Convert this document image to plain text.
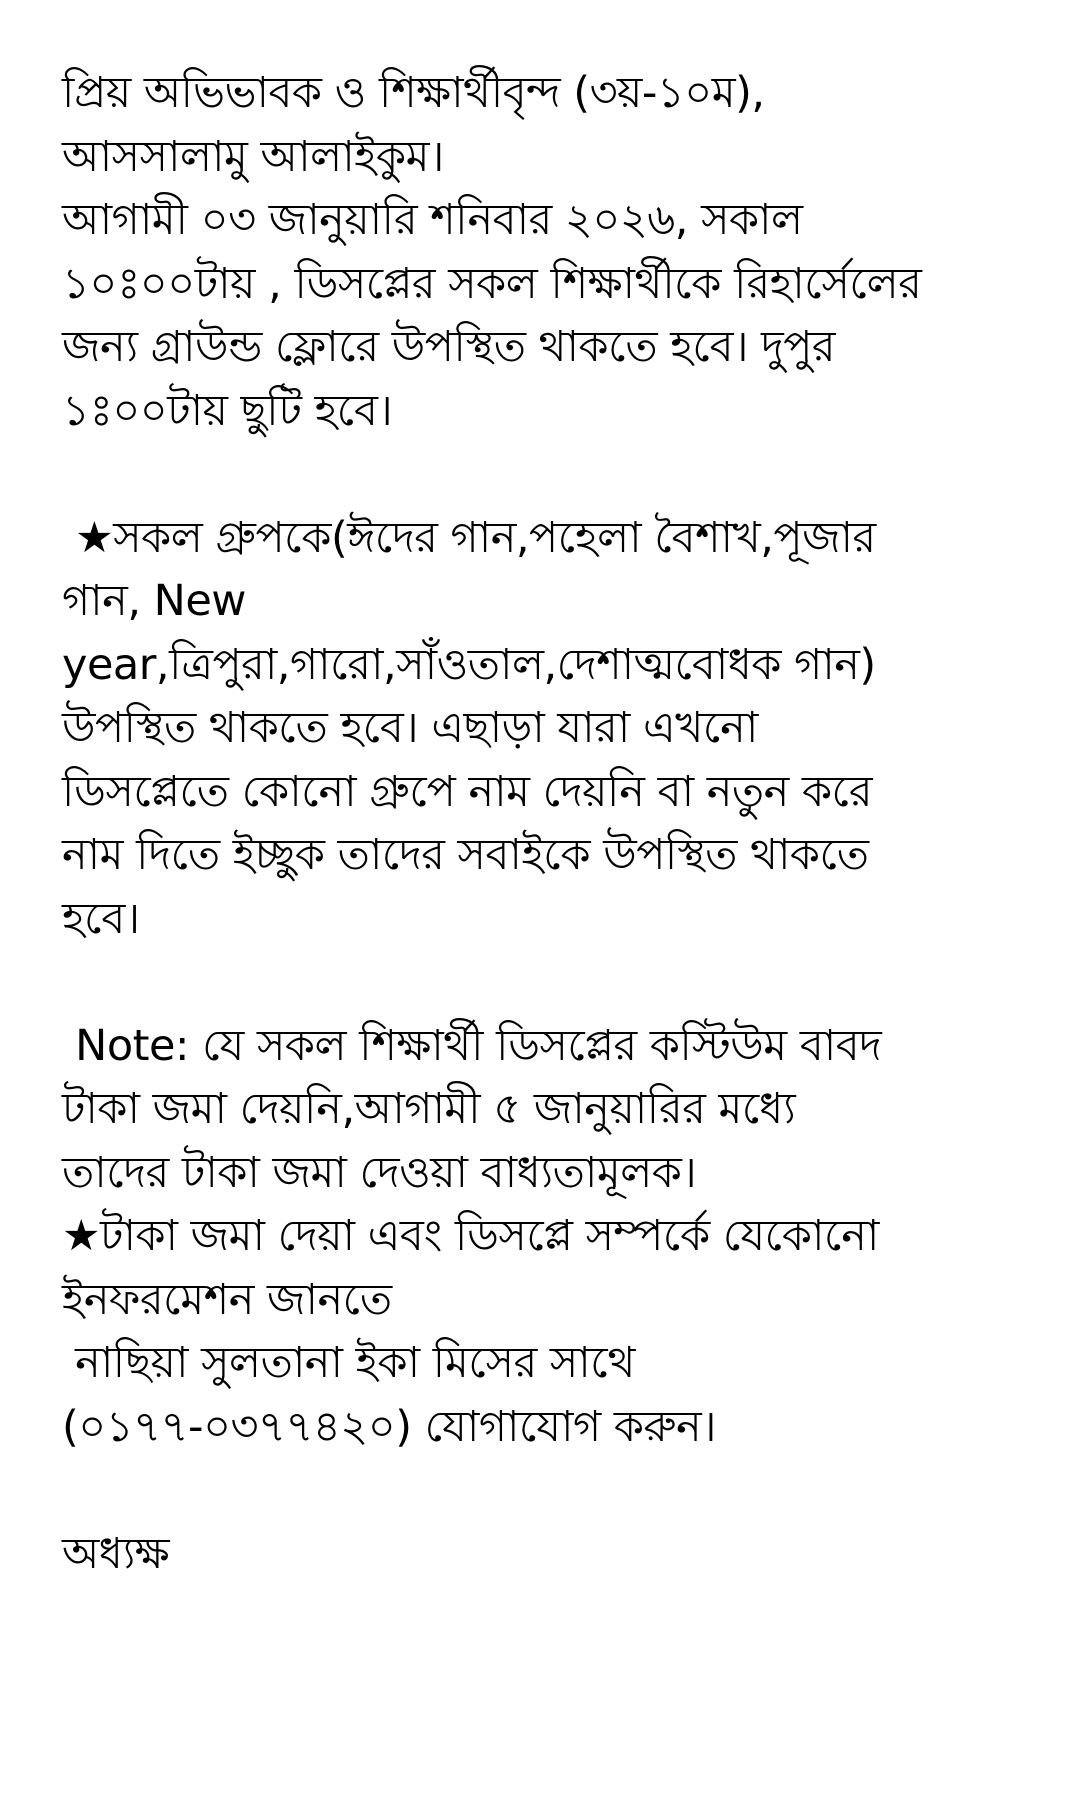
প্রিয় অভিভাবক ও শিক্ষার্থীবৃন্দ (৩য়-১০ম),
আসসালামু আলাইকুম।
আগামী ০৩ জানুয়ারি শনিবার ২০২৬, সকাল
১০ঃ০০টায় , ডিসপ্লের সকল শিক্ষার্থীকে রিহার্সেলের
জন্য গ্রাউন্ড ফ্লোরে উপস্থিত থাকতে হবে। দুপুর
১ঃ০০টায় ছুটি হবে।
★সকল গ্রুপকে(ঈদের গান,পহেলা বৈশাখ,পূজার
গান, New
year,ত্রিপুরা,গারো,সাঁওতাল,দেশাত্মবোধক গান)
উপস্থিত থাকতে হবে। এছাড়া যারা এখনো
ডিসপ্লেতে কোনো গ্রুপে নাম দেয়নি বা নতুন করে
নাম দিতে ইচ্ছুক তাদের সবাইকে উপস্থিত থাকতে
হবে।
Note: যে সকল শিক্ষার্থী ডিসপ্লের কস্টিউম বাবদ
টাকা জমা দেয়নি,আগামী ৫ জানুয়ারির মধ্যে
তাদের টাকা জমা দেওয়া বাধ্যতামূলক।
★টাকা জমা দেয়া এবং ডিসপ্লে সম্পর্কে যেকোনো
ইনফরমেশন জানতে
নাছিয়া সুলতানা ইকা মিসের সাথে
(০১৭৭-০৩৭৭৪২০) যোগাযোগ করুন।
অধ্যক্ষ
